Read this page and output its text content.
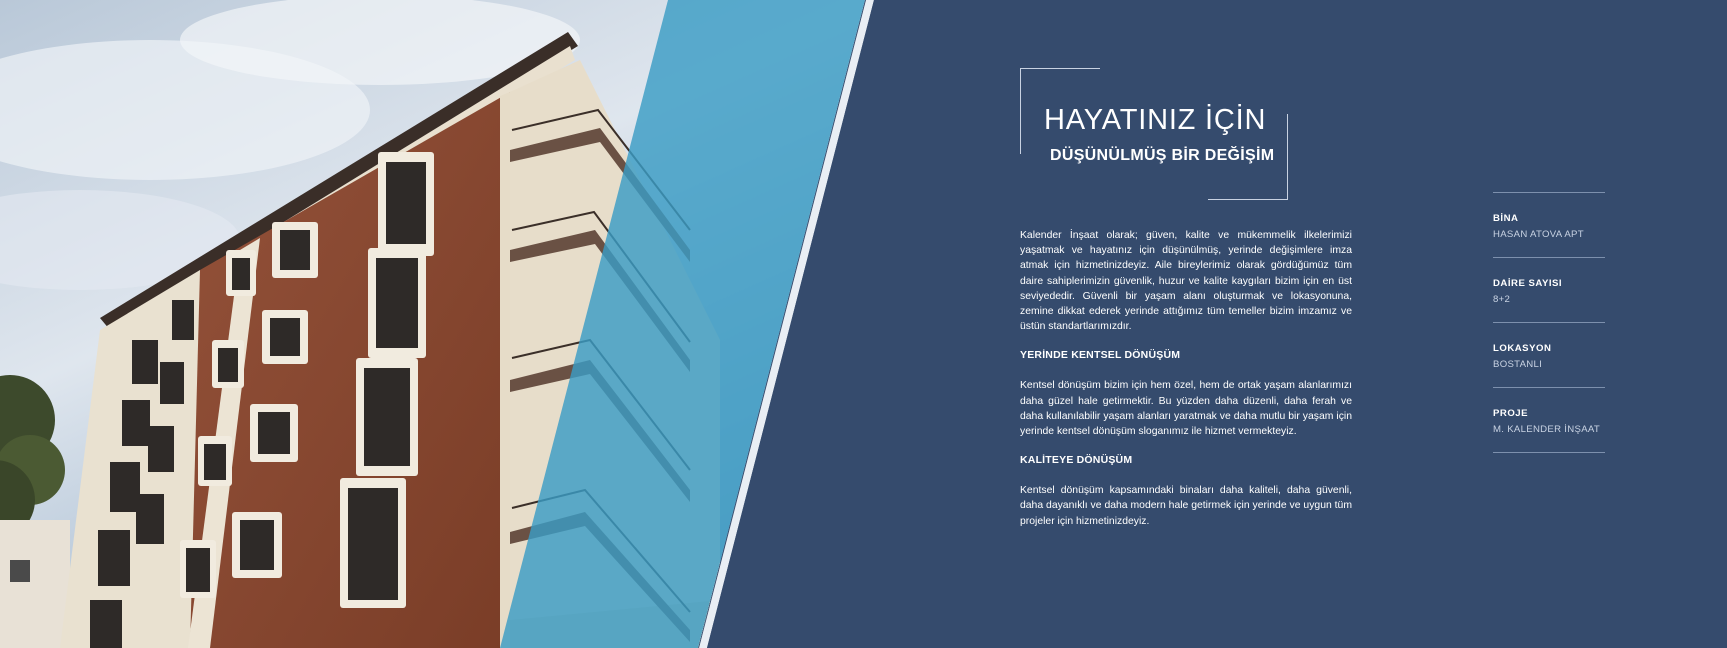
HAYATINIZ İÇİN
DÜŞÜNÜLMÜŞ BİR DEĞİŞİM

Kalender İnşaat olarak; güven, kalite ve mükemmelik ilkelerimizi yaşatmak ve hayatınız için düşünülmüş, yerinde değişimlere imza atmak için hizmetinizdeyiz. Aile bireylerimiz olarak gördüğümüz tüm daire sahiplerimizin güvenlik, huzur ve kalite kaygıları bizim için en üst seviyededir. Güvenli bir yaşam alanı oluşturmak ve lokasyonuna, zemine dikkat ederek yerinde attığımız tüm temeller bizim imzamız ve üstün standartlarımızdır.

YERİNDE KENTSEL DÖNÜŞÜM

Kentsel dönüşüm bizim için hem özel, hem de ortak yaşam alanlarımızı daha güzel hale getirmektir. Bu yüzden daha düzenli, daha ferah ve daha kullanılabilir yaşam alanları yaratmak ve daha mutlu bir yaşam için yerinde kentsel dönüşüm sloganımız ile hizmet vermekteyiz.

KALİTEYE DÖNÜŞÜM

Kentsel dönüşüm kapsamındaki binaları daha kaliteli, daha güvenli, daha dayanıklı ve daha modern hale getirmek için yerinde ve uygun tüm projeler için hizmetinizdeyiz.

BİNA
HASAN ATOVA APT
DAİRE SAYISI
8+2
LOKASYON
BOSTANLI
PROJE
M. KALENDER İNŞAAT
